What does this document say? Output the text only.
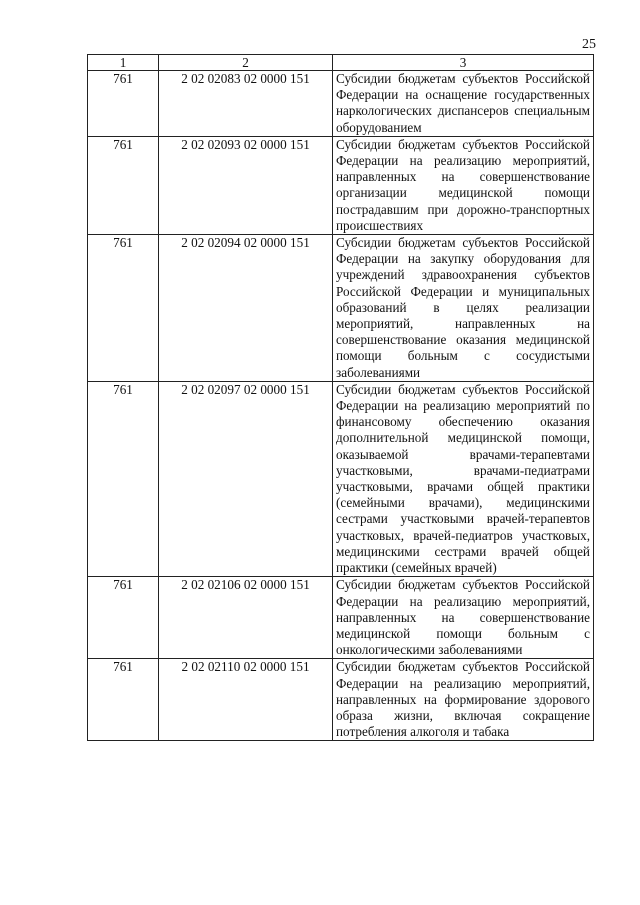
25
1	2	3
761	2 02 02083 02 0000 151	Субсидии бюджетам субъектов Российской Федерации на оснащение государственных наркологических диспансеров специальным оборудованием
761	2 02 02093 02 0000 151	Субсидии бюджетам субъектов Российской Федерации на реализацию мероприятий, направленных на совершенствование организации медицинской помощи пострадавшим при дорожно-транспортных происшествиях
761	2 02 02094 02 0000 151	Субсидии бюджетам субъектов Российской Федерации на закупку оборудования для учреждений здравоохранения субъектов Российской Федерации и муниципальных образований в целях реализации мероприятий, направленных на совершенствование оказания медицинской помощи больным с сосудистыми заболеваниями
761	2 02 02097 02 0000 151	Субсидии бюджетам субъектов Российской Федерации на реализацию мероприятий по финансовому обеспечению оказания дополнительной медицинской помощи, оказываемой врачами-терапевтами участковыми, врачами-педиатрами участковыми, врачами общей практики (семейными врачами), медицинскими сестрами участковыми врачей-терапевтов участковых, врачей-педиатров участковых, медицинскими сестрами врачей общей практики (семейных врачей)
761	2 02 02106 02 0000 151	Субсидии бюджетам субъектов Российской Федерации на реализацию мероприятий, направленных на совершенствование медицинской помощи больным с онкологическими заболеваниями
761	2 02 02110 02 0000 151	Субсидии бюджетам субъектов Российской Федерации на реализацию мероприятий, направленных на формирование здорового образа жизни, включая сокращение потребления алкоголя и табака
